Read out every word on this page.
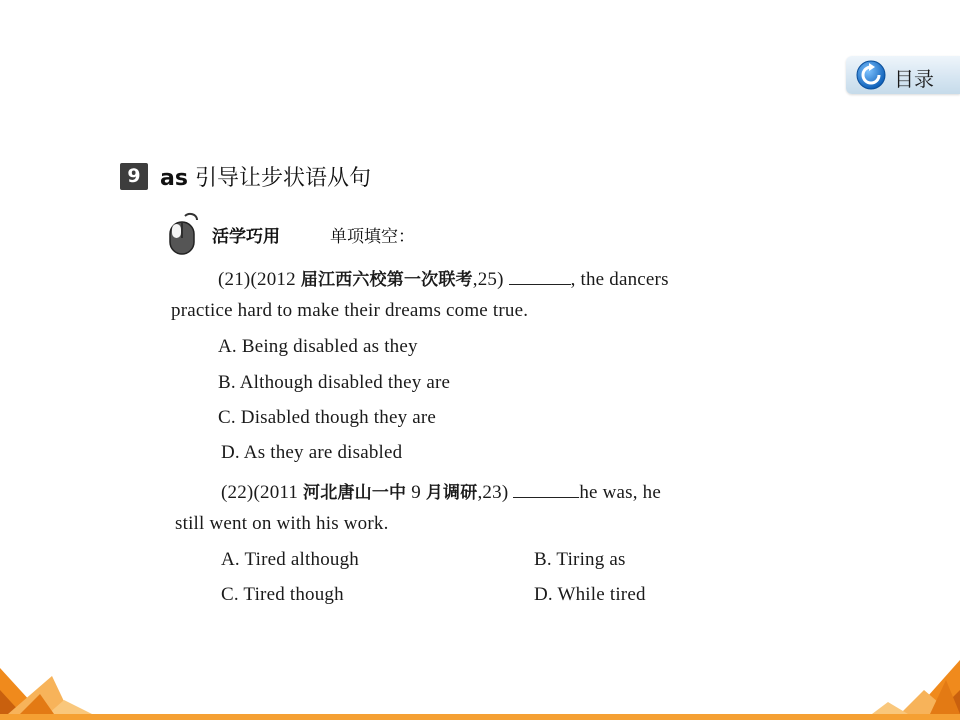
目录
9 as 引导让步状语从句
活学巧用	单项填空：
(21)(2012 届江西六校第一次联考,25)	, the dancers
practice hard to make their dreams come true.
A. Being disabled as they
B. Although disabled they are
C. Disabled though they are
D. As they are disabled
(22)(2011 河北唐山一中 9 月调研,23)	he was, he
still went on with his work.
A. Tired although	B. Tiring as
C. Tired though	D. While tired
